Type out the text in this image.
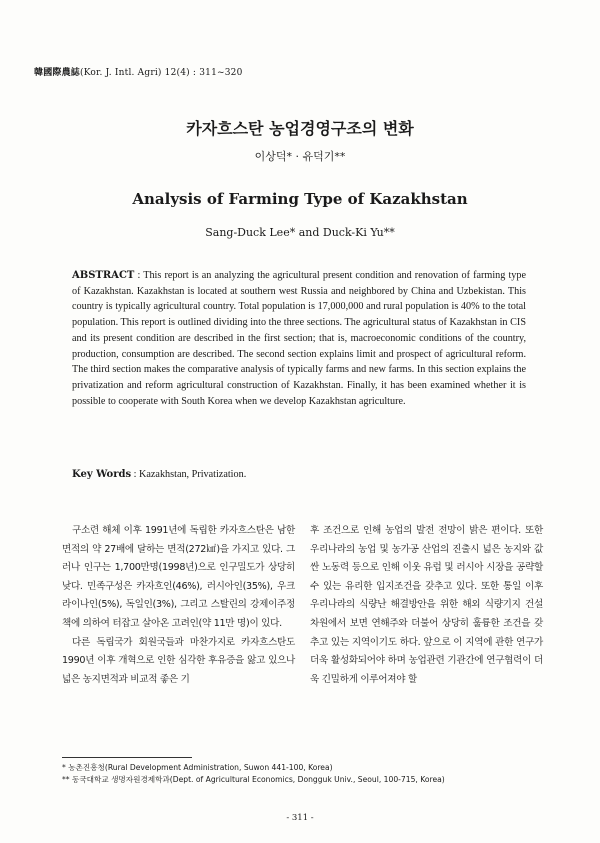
韓國際農誌(Kor. J. Intl. Agri) 12(4) : 311~320
카자흐스탄 농업경영구조의 변화
이상덕* · 유덕기**
Analysis of Farming Type of Kazakhstan
Sang-Duck Lee* and Duck-Ki Yu**
ABSTRACT : This report is an analyzing the agricultural present condition and renovation of farming type of Kazakhstan. Kazakhstan is located at southern west Russia and neighbored by China and Uzbekistan. This country is typically agricultural country. Total population is 17,000,000 and rural population is 40% to the total population. This report is outlined dividing into the three sections. The agricultural status of Kazakhstan in CIS and its present condition are described in the first section; that is, macroeconomic conditions of the country, production, consumption are described. The second section explains limit and prospect of agricultural reform. The third section makes the comparative analysis of typically farms and new farms. In this section explains the privatization and reform agricultural construction of Kazakhstan. Finally, it has been examined whether it is possible to cooperate with South Korea when we develop Kazakhstan agriculture.
Key Words : Kazakhstan, Privatization.

구소련 해체 이후 1991년에 독립한 카자흐스탄은 남한면적의 약 27배에 달하는 면적(272㎢)을 가지고 있다. 그러나 인구는 1,700만명(1998년)으로 인구밀도가 상당히 낮다. 민족구성은 카자흐인(46%), 러시아인(35%), 우크라이나인(5%), 독일인(3%), 그리고 스탈린의 강제이주정책에 의하여 터잡고 살아온 고려인(약 11만 명)이 있다.

다른 독립국가 회원국들과 마찬가지로 카자흐스탄도 1990년 이후 개혁으로 인한 심각한 후유증을 앓고 있으나 넓은 농지면적과 비교적 좋은 기

후 조건으로 인해 농업의 발전 전망이 밝은 편이다. 또한 우리나라의 농업 및 농가공 산업의 진출시 넓은 농지와 값싼 노동력 등으로 인해 이웃 유럽 및 러시아 시장을 공략할 수 있는 유리한 입지조건을 갖추고 있다. 또한 통일 이후 우리나라의 식량난 해결방안을 위한 해외 식량기지 건설 차원에서 보면 연해주와 더불어 상당히 훌륭한 조건을 갖추고 있는 지역이기도 하다. 앞으로 이 지역에 관한 연구가 더욱 활성화되어야 하며 농업관련 기관간에 연구협력이 더욱 긴밀하게 이루어져야 할

* 농촌진흥청(Rural Development Administration, Suwon 441-100, Korea)
** 동국대학교 생명자원경제학과(Dept. of Agricultural Economics, Dongguk Univ., Seoul, 100-715, Korea)
- 311 -
